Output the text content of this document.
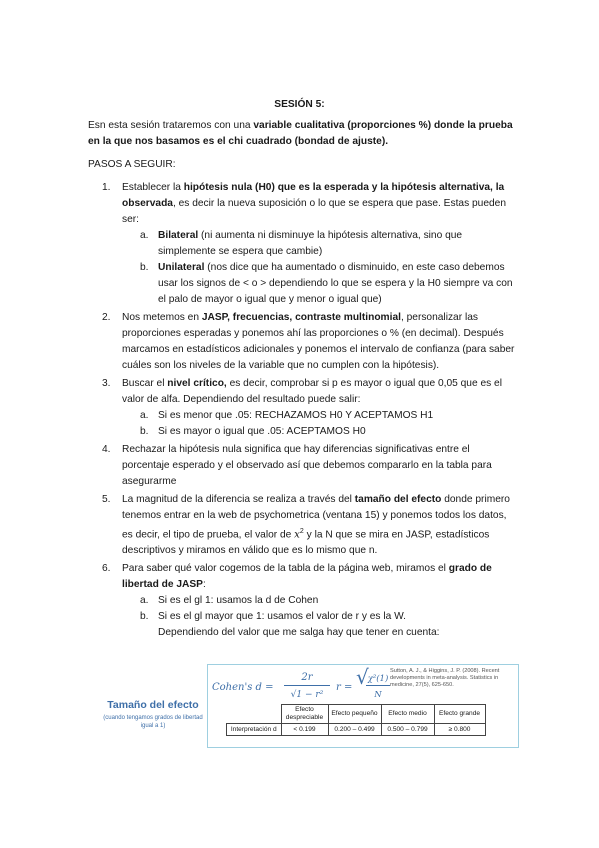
SESIÓN 5:

Esn esta sesión trataremos con una variable cualitativa (proporciones %) donde la prueba en la que nos basamos es el chi cuadrado (bondad de ajuste).

PASOS A SEGUIR:
1. Establecer la hipótesis nula (H0) que es la esperada y la hipótesis alternativa, la observada, es decir la nueva suposición o lo que se espera que pase. Estas pueden ser:

a. Bilateral (ni aumenta ni disminuye la hipótesis alternativa, sino que simplemente se espera que cambie)

b. Unilateral (nos dice que ha aumentado o disminuido, en este caso debemos usar los signos de < o > dependiendo lo que se espera y la H0 siempre va con el palo de mayor o igual que y menor o igual que)

2. Nos metemos en JASP, frecuencias, contraste multinomial, personalizar las proporciones esperadas y ponemos ahí las proporciones o % (en decimal). Después marcamos en estadísticos adicionales y ponemos el intervalo de confianza (para saber cuáles son los niveles de la variable que no cumplen con la hipótesis).

3. Buscar el nivel crítico, es decir, comprobar si p es mayor o igual que 0,05 que es el valor de alfa. Dependiendo del resultado puede salir:

a. Si es menor que .05: RECHAZAMOS H0 Y ACEPTAMOS H1

b. Si es mayor o igual que .05: ACEPTAMOS H0

4. Rechazar la hipótesis nula significa que hay diferencias significativas entre el porcentaje esperado y el observado así que debemos compararlo en la tabla para asegurarme

5. La magnitud de la diferencia se realiza a través del tamaño del efecto donde primero tenemos entrar en la web de psychometrica (ventana 15) y ponemos todos los datos, es decir, el tipo de prueba, el valor de $x^2$ y la N que se mira en JASP, estadísticos descriptivos y miramos en válido que es lo mismo que n.

6. Para saber qué valor cogemos de la tabla de la página web, miramos el grado de libertad de JASP:

a. Si es el gl 1: usamos la d de Cohen

b. Si es el gl mayor que 1: usamos el valor de r y es la W.

Dependiendo del valor que me salga hay que tener en cuenta:

Tamaño del efecto
(cuando tengamos grados de libertad igual a 1)
Cohen's d =
2r
√1 − r²
r = √
χ²(1)
N
Sutton, A. J., & Higgins, J. P. (2008). Recent developments in meta-analysis. Statistics in medicine, 27(5), 625-650.
	Efecto despreciable	Efecto pequeño	Efecto medio	Efecto grande
Interpretación d	< 0.199	0.200 – 0.499	0.500 – 0.799	≥ 0.800
